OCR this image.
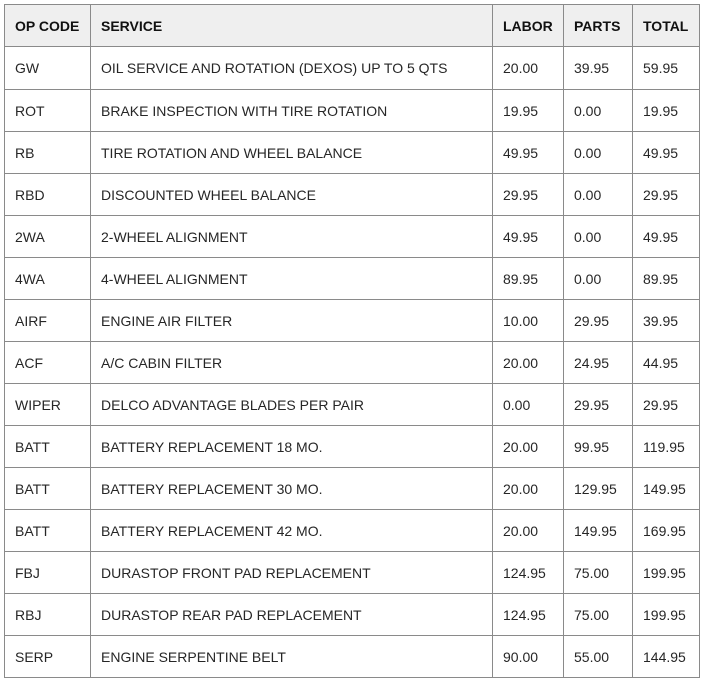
OP CODE	SERVICE	LABOR	PARTS	TOTAL
GW	OIL SERVICE AND ROTATION (DEXOS) UP TO 5 QTS	20.00	39.95	59.95
ROT	BRAKE INSPECTION WITH TIRE ROTATION	19.95	0.00	19.95
RB	TIRE ROTATION AND WHEEL BALANCE	49.95	0.00	49.95
RBD	DISCOUNTED WHEEL BALANCE	29.95	0.00	29.95
2WA	2-WHEEL ALIGNMENT	49.95	0.00	49.95
4WA	4-WHEEL ALIGNMENT	89.95	0.00	89.95
AIRF	ENGINE AIR FILTER	10.00	29.95	39.95
ACF	A/C CABIN FILTER	20.00	24.95	44.95
WIPER	DELCO ADVANTAGE BLADES PER PAIR	0.00	29.95	29.95
BATT	BATTERY REPLACEMENT 18 MO.	20.00	99.95	119.95
BATT	BATTERY REPLACEMENT 30 MO.	20.00	129.95	149.95
BATT	BATTERY REPLACEMENT 42 MO.	20.00	149.95	169.95
FBJ	DURASTOP FRONT PAD REPLACEMENT	124.95	75.00	199.95
RBJ	DURASTOP REAR PAD REPLACEMENT	124.95	75.00	199.95
SERP	ENGINE SERPENTINE BELT	90.00	55.00	144.95
